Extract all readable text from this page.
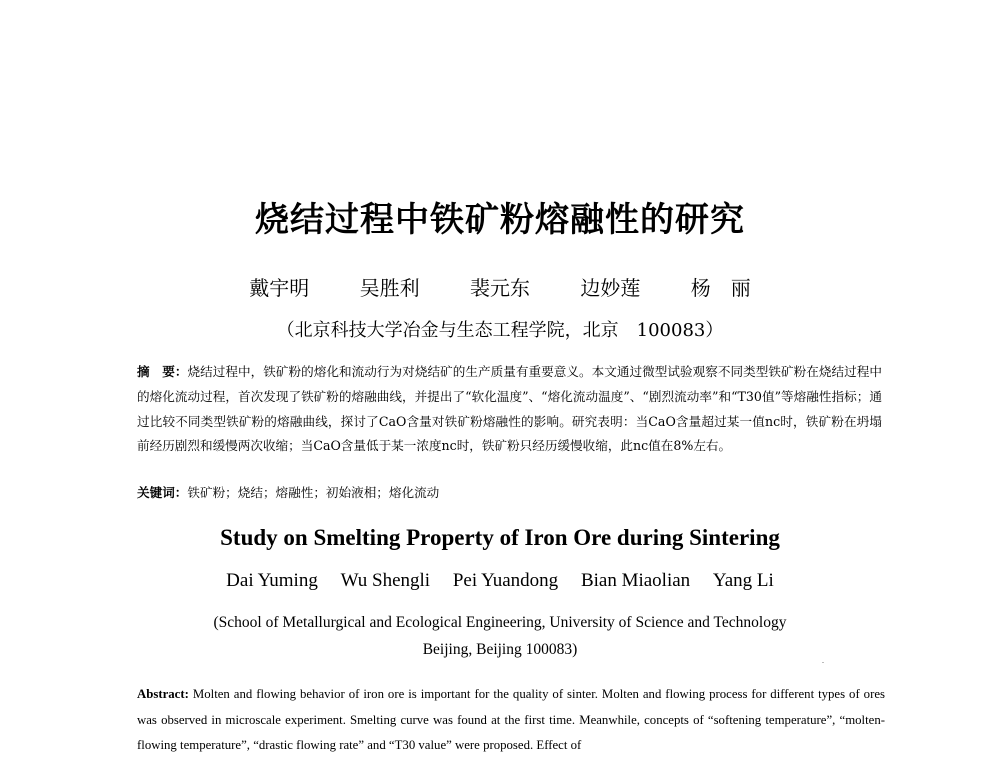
烧结过程中铁矿粉熔融性的研究
戴宇明	吴胜利	裴元东	边妙莲	杨　丽
（北京科技大学冶金与生态工程学院，北京　100083）
摘　要：烧结过程中，铁矿粉的熔化和流动行为对烧结矿的生产质量有重要意义。本文通过微型试验观察不同类型铁矿粉在烧结过程中的熔化流动过程，首次发现了铁矿粉的熔融曲线，并提出了“软化温度”、“熔化流动温度”、“剧烈流动率”和“T30值”等熔融性指标；通过比较不同类型铁矿粉的熔融曲线，探讨了CaO含量对铁矿粉熔融性的影响。研究表明：当CaO含量超过某一值nc时，铁矿粉在坍塌前经历剧烈和缓慢两次收缩；当CaO含量低于某一浓度nc时，铁矿粉只经历缓慢收缩，此nc值在8%左右。
关键词：铁矿粉；烧结；熔融性；初始液相；熔化流动
Study on Smelting Property of Iron Ore during Sintering
Dai Yuming Wu Shengli Pei Yuandong Bian Miaolian Yang Li
(School of Metallurgical and Ecological Engineering, University of Science and Technology Beijing, Beijing 100083)
Abstract: Molten and flowing behavior of iron ore is important for the quality of sinter. Molten and flowing process for different types of ores was observed in microscale experiment. Smelting curve was found at the first time. Meanwhile, concepts of “softening temperature”, “molten-flowing temperature”, “drastic flowing rate” and “T30 value” were proposed. Effect of
